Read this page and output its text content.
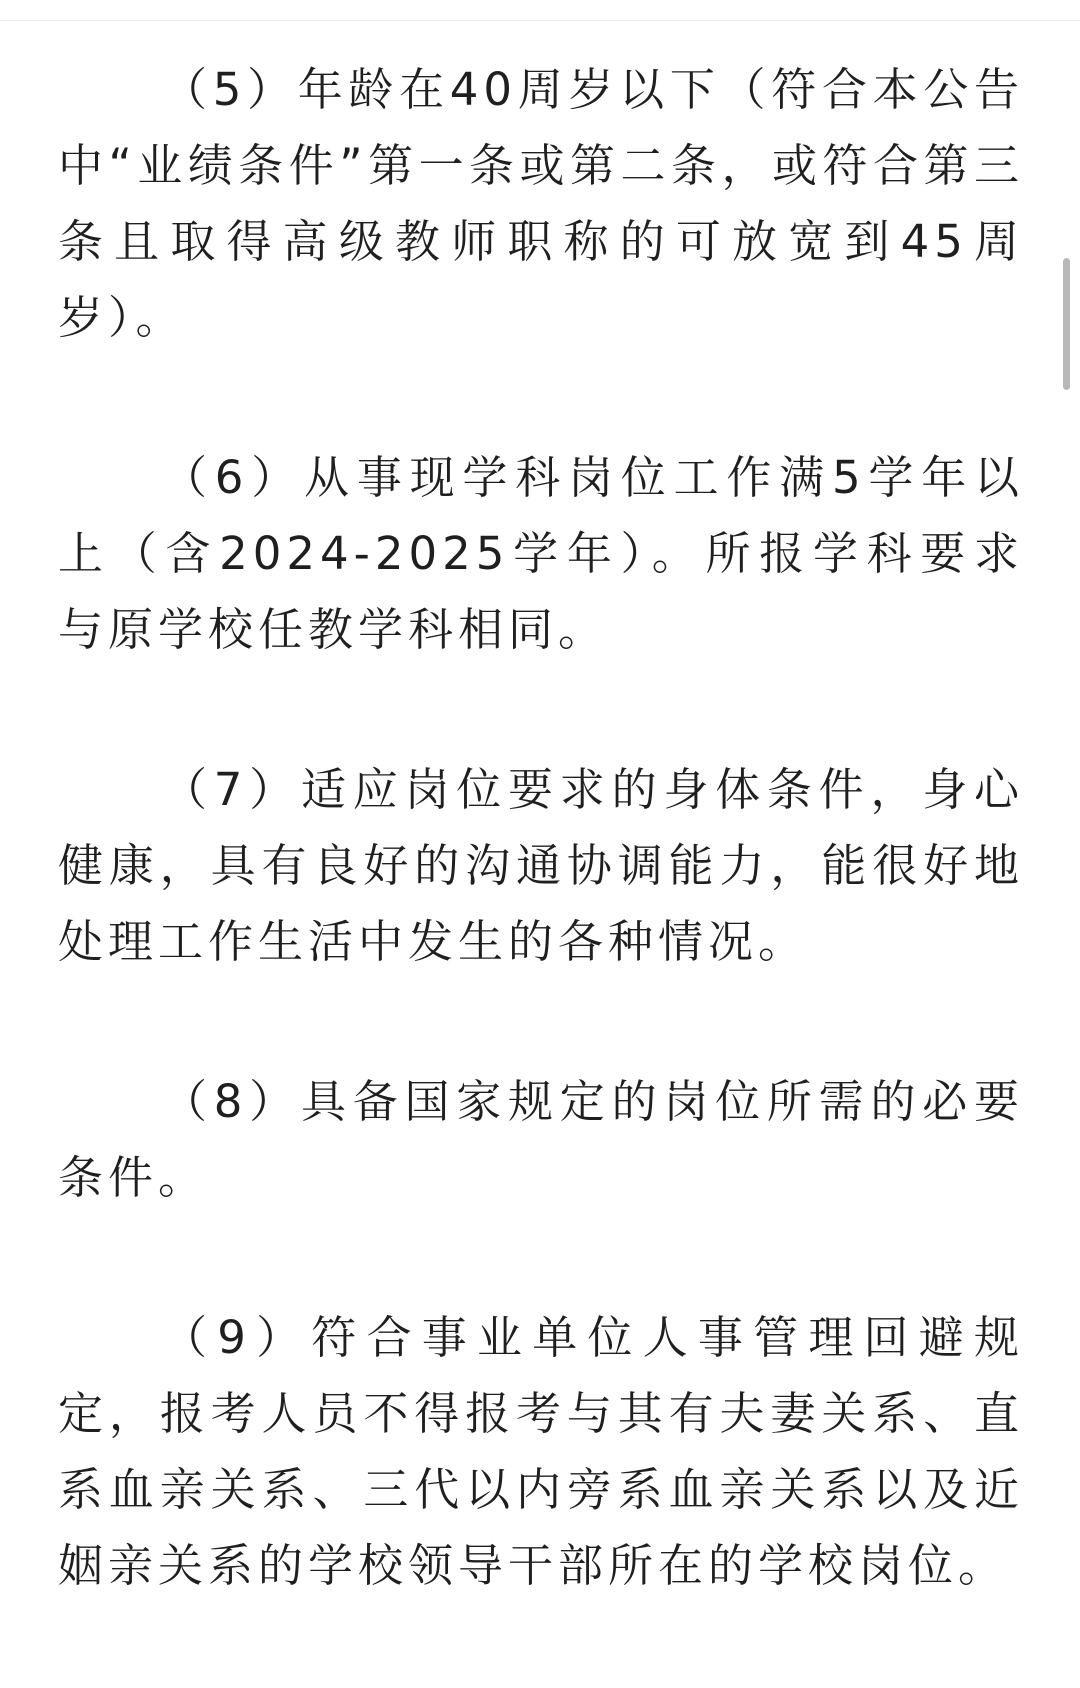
（5）年龄在40周岁以下（符合本公告中“业绩条件”第一条或第二条，或符合第三条且取得高级教师职称的可放宽到45周岁）。

（6）从事现学科岗位工作满5学年以上（含2024-2025学年）。所报学科要求与原学校任教学科相同。

（7）适应岗位要求的身体条件，身心健康，具有良好的沟通协调能力，能很好地处理工作生活中发生的各种情况。

（8）具备国家规定的岗位所需的必要条件。

（9）符合事业单位人事管理回避规定，报考人员不得报考与其有夫妻关系、直系血亲关系、三代以内旁系血亲关系以及近姻亲关系的学校领导干部所在的学校岗位。
